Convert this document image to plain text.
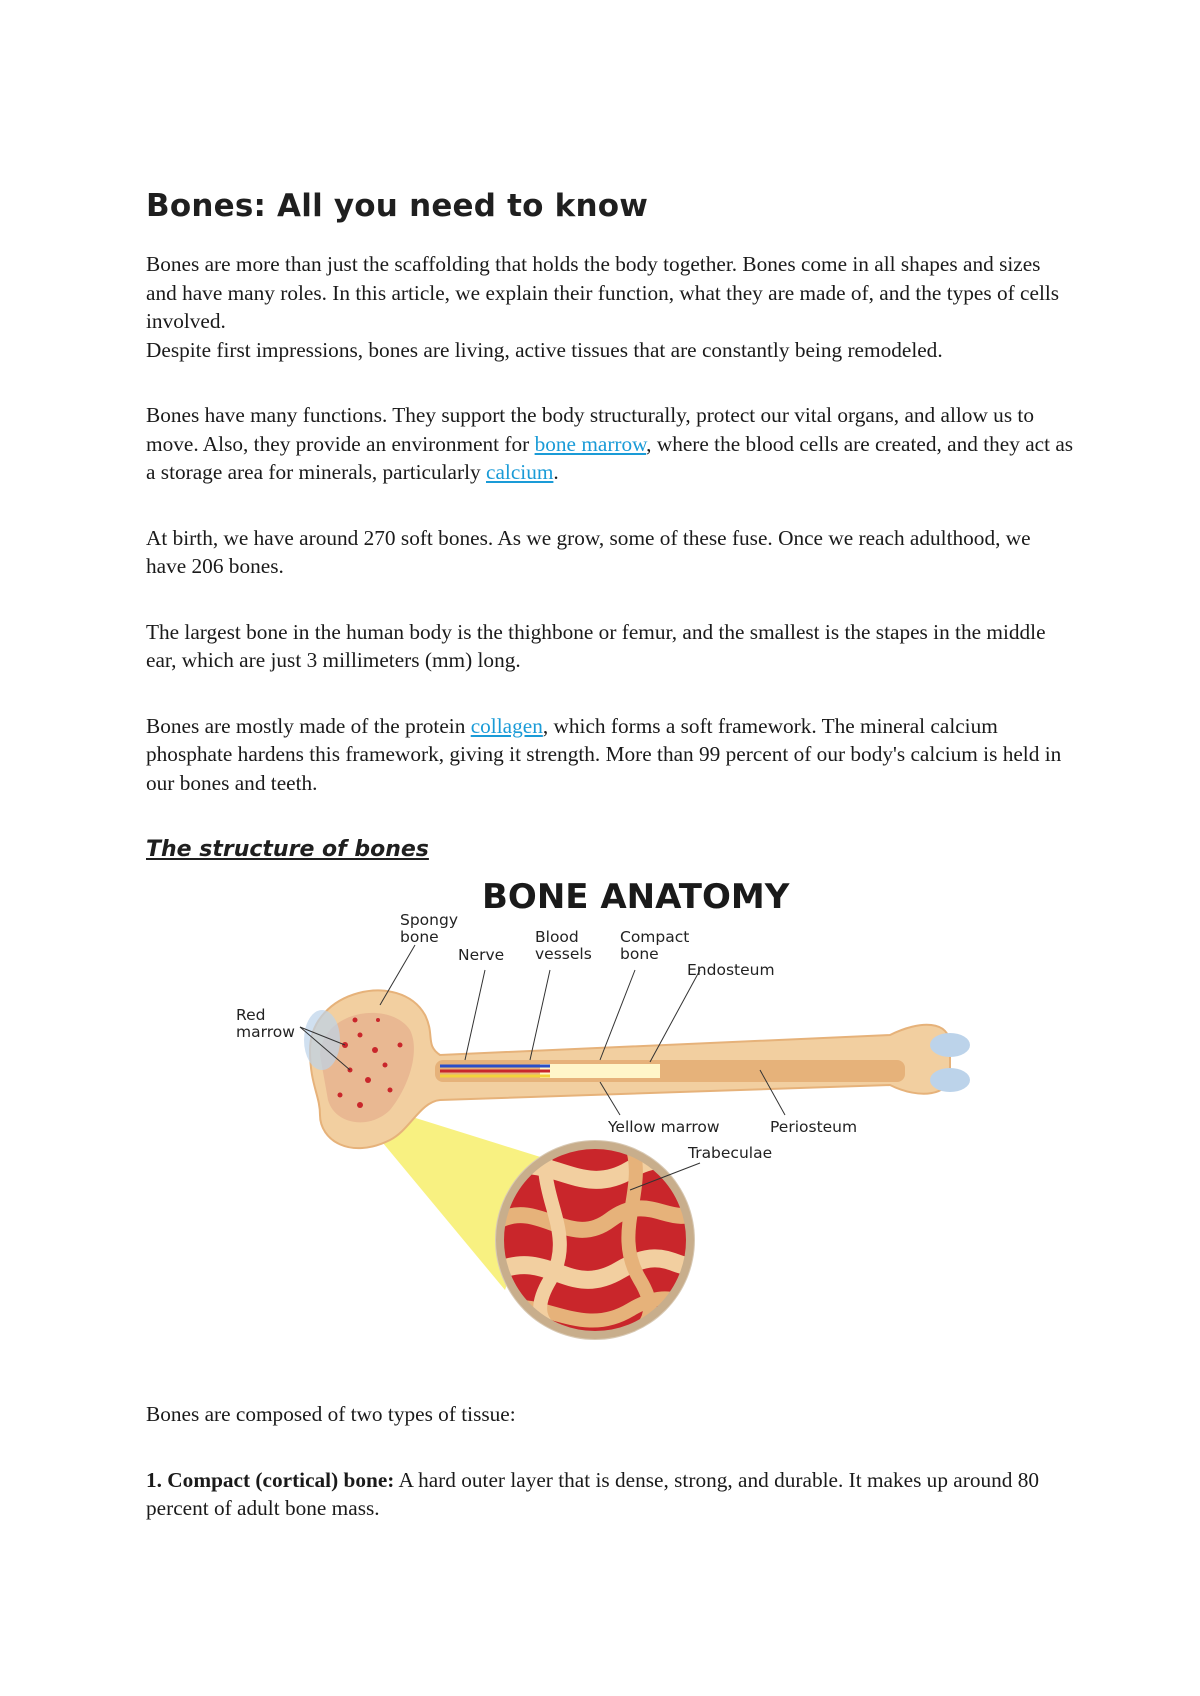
Bones: All you need to know

Bones are more than just the scaffolding that holds the body together. Bones come in all shapes and sizes and have many roles. In this article, we explain their function, what they are made of, and the types of cells involved.
Despite first impressions, bones are living, active tissues that are constantly being remodeled.

Bones have many functions. They support the body structurally, protect our vital organs, and allow us to move. Also, they provide an environment for bone marrow, where the blood cells are created, and they act as a storage area for minerals, particularly calcium.

At birth, we have around 270 soft bones. As we grow, some of these fuse. Once we reach adulthood, we have 206 bones.

The largest bone in the human body is the thighbone or femur, and the smallest is the stapes in the middle ear, which are just 3 millimeters (mm) long.

Bones are mostly made of the protein collagen, which forms a soft framework. The mineral calcium phosphate hardens this framework, giving it strength. More than 99 percent of our body's calcium is held in our bones and teeth.

The structure of bones
BONE ANATOMY
Spongy
bone
Nerve
Blood
vessels
Compact
bone
Endosteum
Red
marrow
Yellow marrow	Periosteum
Trabeculae

Bones are composed of two types of tissue:

1. Compact (cortical) bone: A hard outer layer that is dense, strong, and durable. It makes up around 80 percent of adult bone mass.
